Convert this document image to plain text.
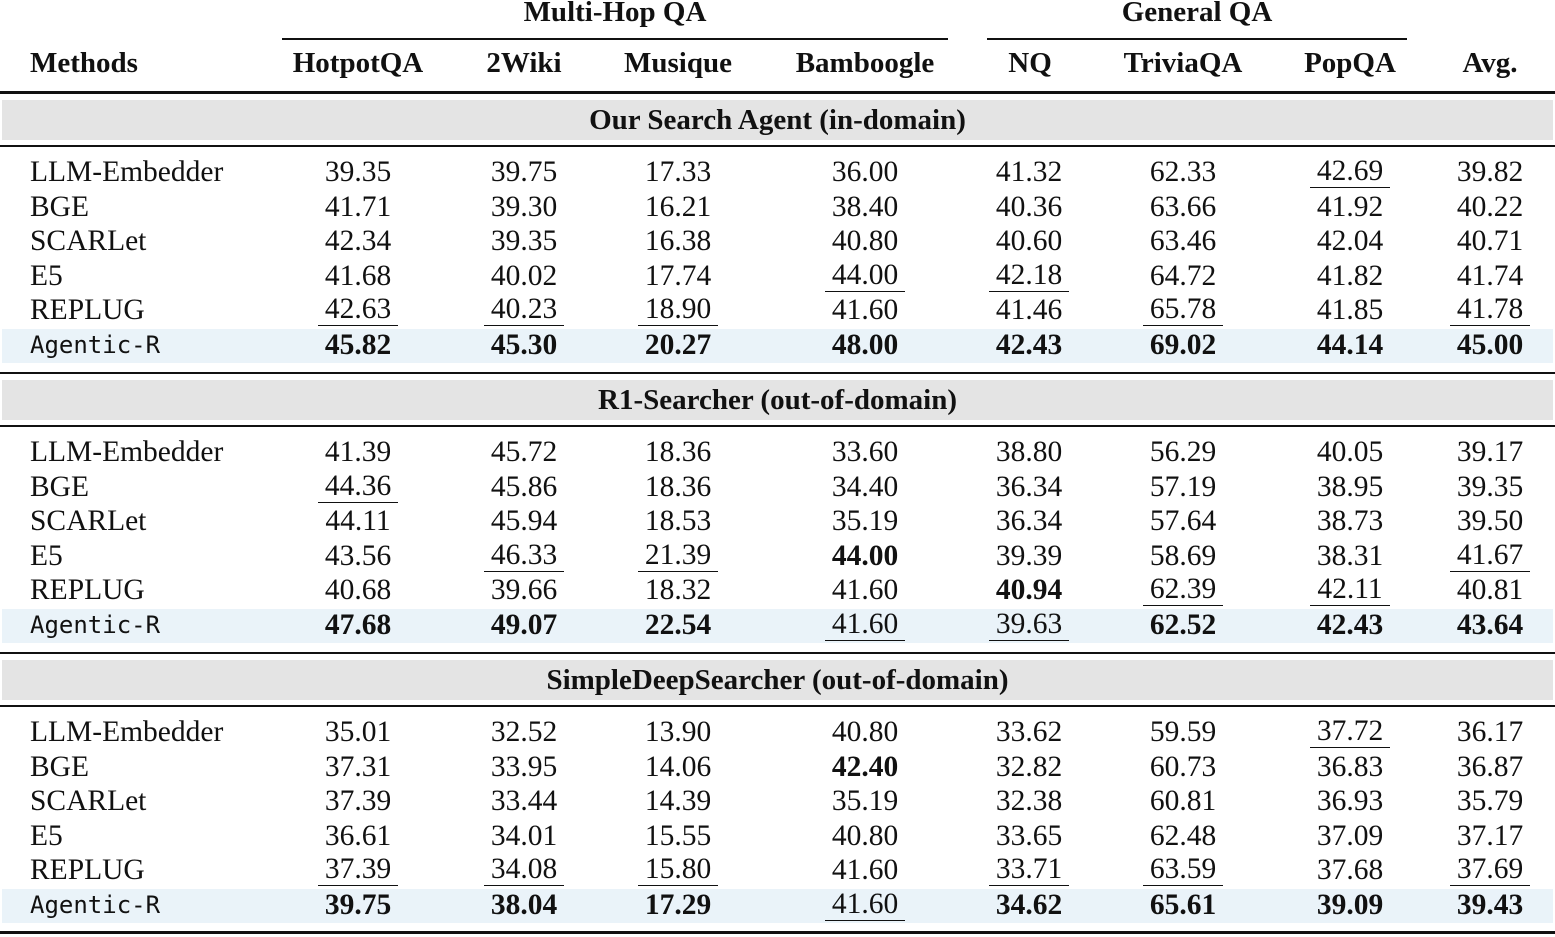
Multi-Hop QA	General QA
Methods	HotpotQA	2Wiki	Musique	Bamboogle	NQ	TriviaQA	PopQA	Avg.
Our Search Agent (in-domain)
LLM-Embedder	39.35	39.75	17.33	36.00	41.32	62.33	42.69 39.82
BGE	41.71	39.30	16.21	38.40	40.36	63.66	41.92 40.22
SCARLet	42.34	39.35	16.38	40.80	40.60	63.46	42.04 40.71
E5	41.68	40.02	17.74	44.00	42.18	64.72	41.82 41.74
REPLUG	42.63	40.23	18.90	41.60	41.46	65.78	41.85 41.78
Agentic-R	45.82	45.30	20.27	48.00	42.43	69.02	44.14 45.00
R1-Searcher (out-of-domain)
LLM-Embedder	41.39	45.72	18.36	33.60	38.80	56.29	40.05 39.17
BGE	44.36	45.86	18.36	34.40	36.34	57.19	38.95 39.35
SCARLet	44.11	45.94	18.53	35.19	36.34	57.64	38.73 39.50
E5	43.56	46.33	21.39	44.00	39.39	58.69	38.31 41.67
REPLUG	40.68	39.66	18.32	41.60	40.94	62.39	42.11	40.81
Agentic-R	47.68	49.07	22.54	41.60	39.63	62.52	42.43 43.64
SimpleDeepSearcher (out-of-domain)
LLM-Embedder	35.01	32.52	13.90	40.80	33.62	59.59	37.72 36.17
BGE	37.31	33.95	14.06	42.40	32.82	60.73	36.83 36.87
SCARLet	37.39	33.44	14.39	35.19	32.38	60.81	36.93 35.79
E5	36.61	34.01	15.55	40.80	33.65	62.48	37.09 37.17
REPLUG	37.39	34.08	15.80	41.60	33.71	63.59	37.68 37.69
Agentic-R	39.75	38.04	17.29	41.60	34.62	65.61	39.09 39.43
